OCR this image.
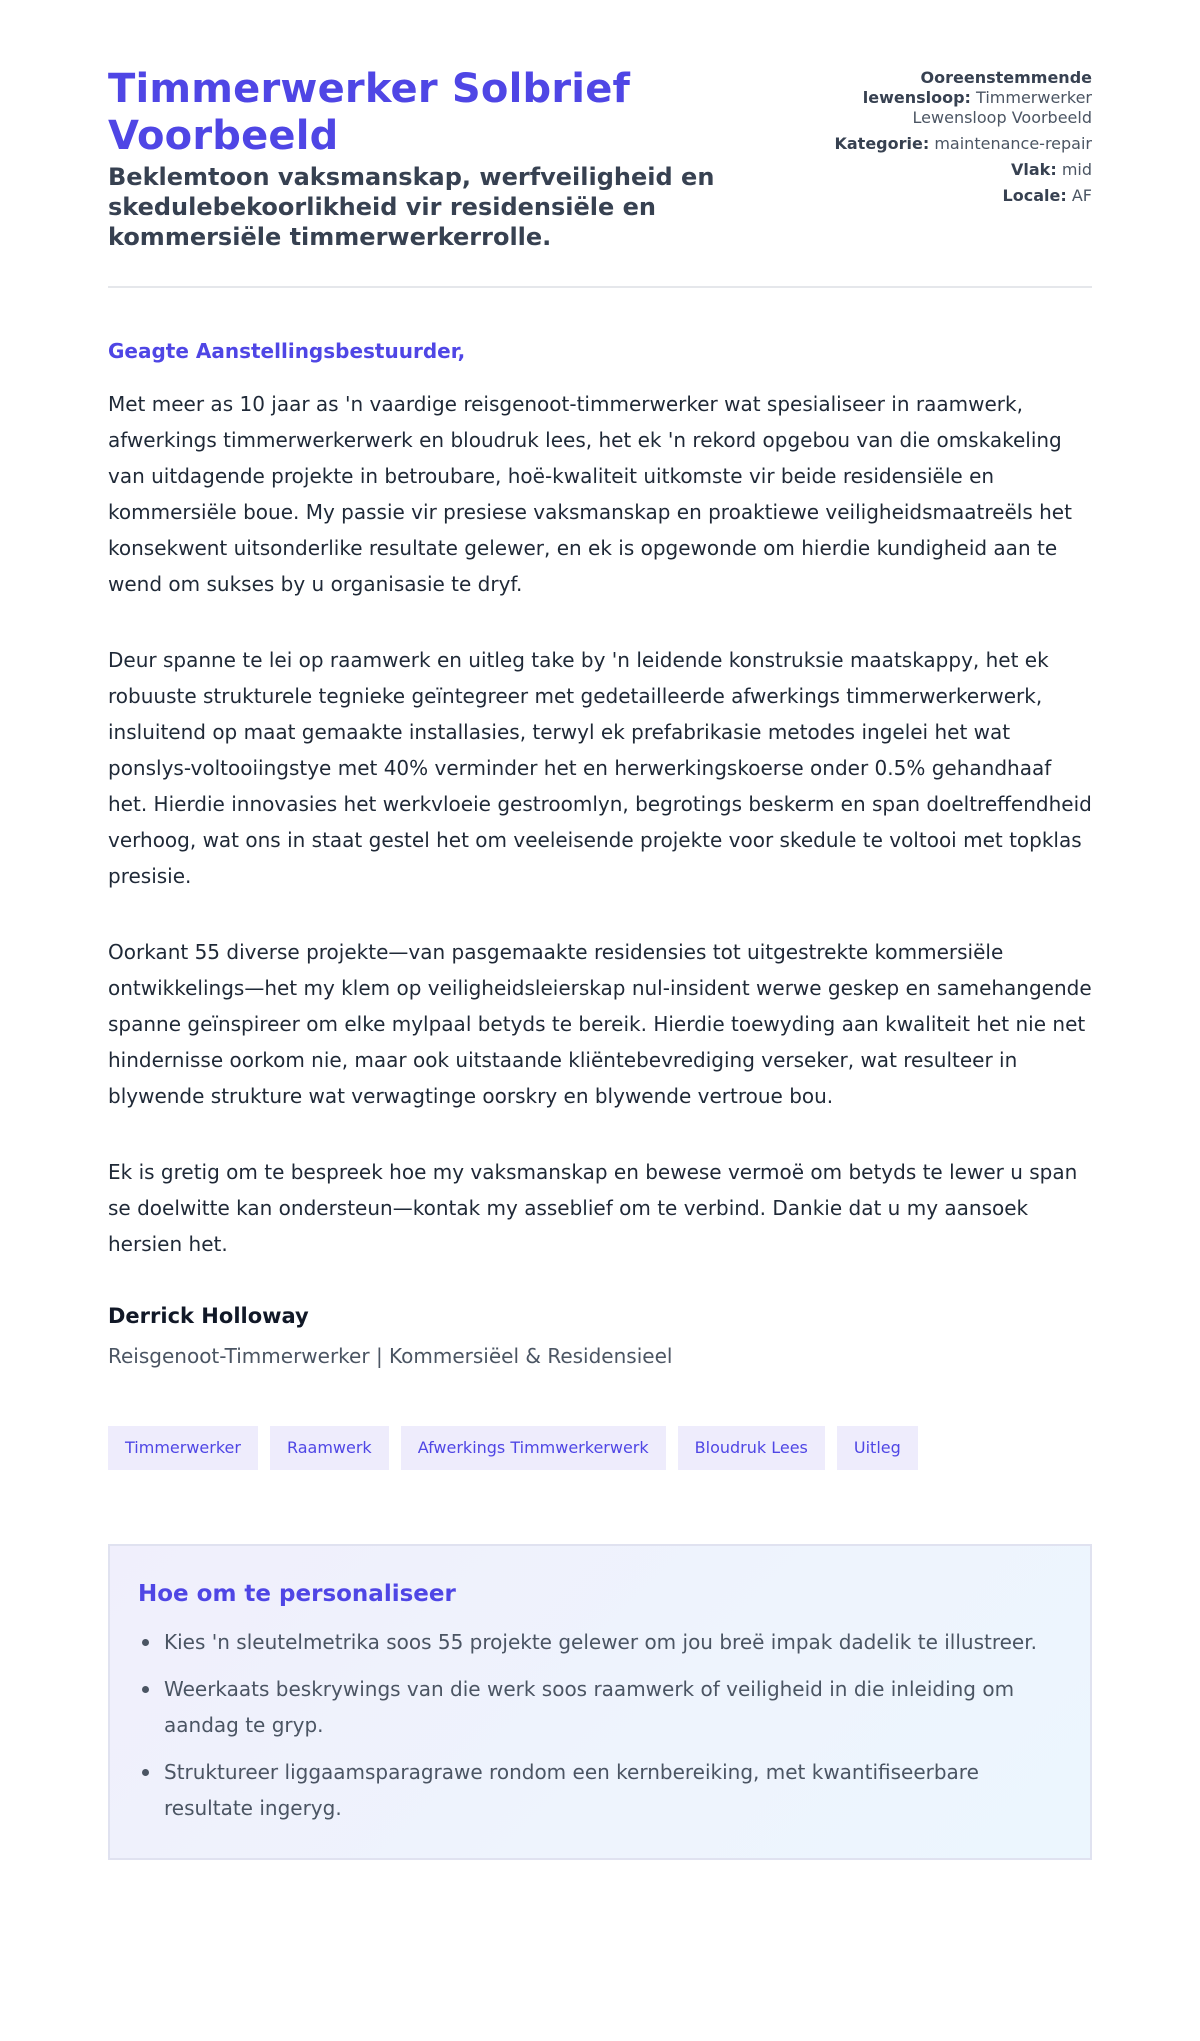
Timmerwerker Solbrief Voorbeeld
Beklemtoon vaksmanskap, werfveiligheid en skedulebekoorlikheid vir residensiële en kommersiële timmerwerkerrolle.
Ooreenstemmende lewensloop: Timmerwerker Lewensloop Voorbeeld
Kategorie: maintenance-repair
Vlak: mid
Locale: AF

Geagte Aanstellingsbestuurder,

Met meer as 10 jaar as 'n vaardige reisgenoot-timmerwerker wat spesialiseer in raamwerk, afwerkings timmerwerkerwerk en bloudruk lees, het ek 'n rekord opgebou van die omskakeling van uitdagende projekte in betroubare, hoë-kwaliteit uitkomste vir beide residensiële en kommersiële boue. My passie vir presiese vaksmanskap en proaktiewe veiligheidsmaatreëls het konsekwent uitsonderlike resultate gelewer, en ek is opgewonde om hierdie kundigheid aan te wend om sukses by u organisasie te dryf.

Deur spanne te lei op raamwerk en uitleg take by 'n leidende konstruksie maatskappy, het ek robuuste strukturele tegnieke geïntegreer met gedetailleerde afwerkings timmerwerkerwerk, insluitend op maat gemaakte installasies, terwyl ek prefabrikasie metodes ingelei het wat ponslys-voltooiingstye met 40% verminder het en herwerkingskoerse onder 0.5% gehandhaaf het. Hierdie innovasies het werkvloeie gestroomlyn, begrotings beskerm en span doeltreffendheid verhoog, wat ons in staat gestel het om veeleisende projekte voor skedule te voltooi met topklas presisie.

Oorkant 55 diverse projekte—van pasgemaakte residensies tot uitgestrekte kommersiële ontwikkelings—het my klem op veiligheidsleierskap nul-insident werwe geskep en samehangende spanne geïnspireer om elke mylpaal betyds te bereik. Hierdie toewyding aan kwaliteit het nie net hindernisse oorkom nie, maar ook uitstaande kliëntebevrediging verseker, wat resulteer in blywende strukture wat verwagtinge oorskry en blywende vertroue bou.

Ek is gretig om te bespreek hoe my vaksmanskap en bewese vermoë om betyds te lewer u span se doelwitte kan ondersteun—kontak my asseblief om te verbind. Dankie dat u my aansoek hersien het.

Derrick Holloway
Reisgenoot-Timmerwerker | Kommersiëel & Residensieel
Timmerwerker	Raamwerk	Afwerkings Timmwerkerwerk	Bloudruk Lees	Uitleg
Hoe om te personaliseer
Kies 'n sleutelmetrika soos 55 projekte gelewer om jou breë impak dadelik te illustreer.
Weerkaats beskrywings van die werk soos raamwerk of veiligheid in die inleiding om aandag te gryp.
Struktureer liggaamsparagrawe rondom een kernbereiking, met kwantifiseerbare resultate ingeryg.
